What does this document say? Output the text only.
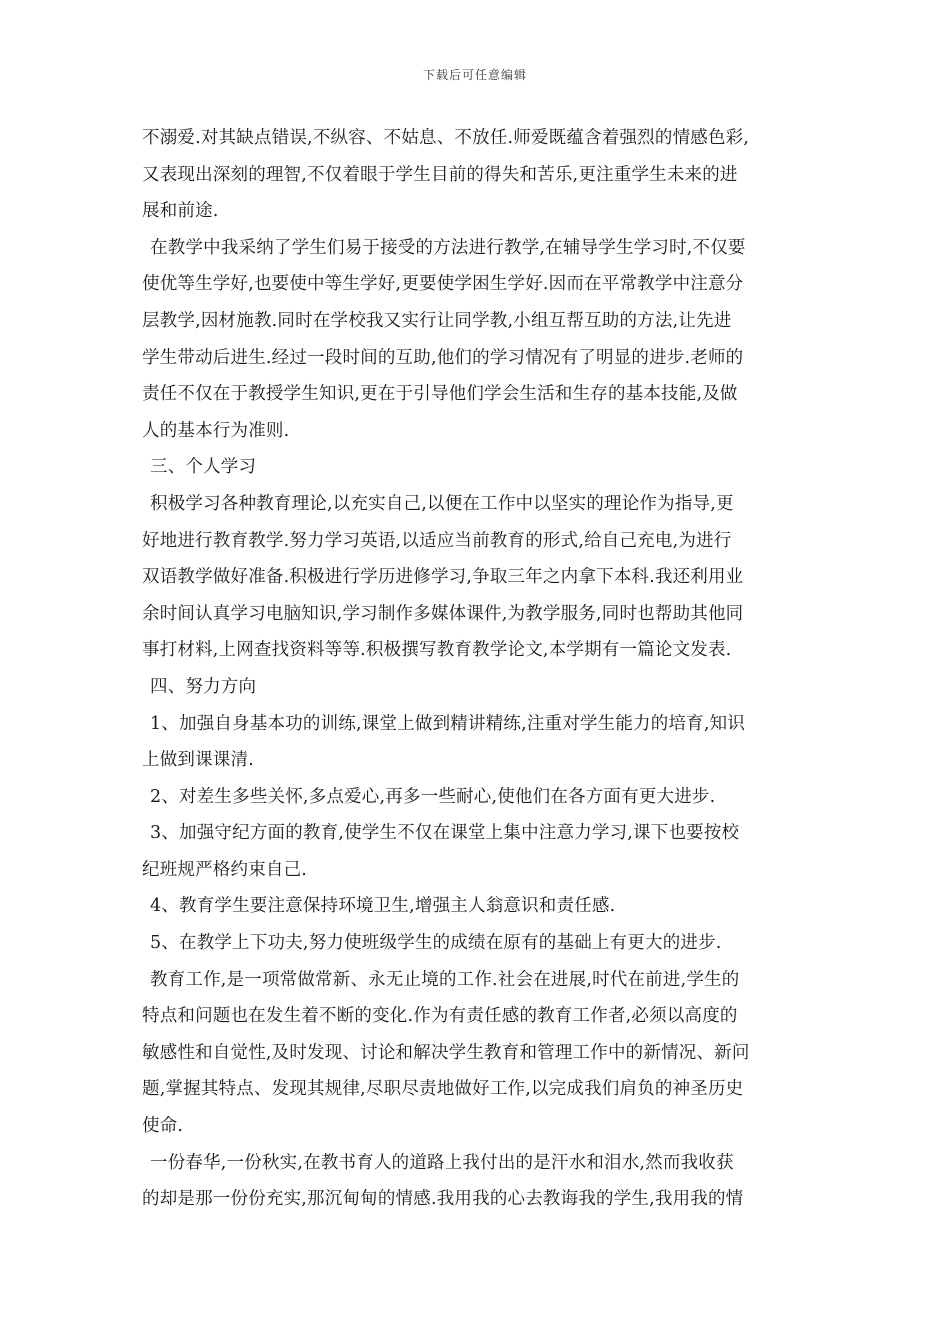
下载后可任意编辑
不溺爱.对其缺点错误,不纵容、不姑息、不放任.师爱既蕴含着强烈的情感色彩,
又表现出深刻的理智,不仅着眼于学生目前的得失和苦乐,更注重学生未来的进
展和前途.
在教学中我采纳了学生们易于接受的方法进行教学,在辅导学生学习时,不仅要
使优等生学好,也要使中等生学好,更要使学困生学好.因而在平常教学中注意分
层教学,因材施教.同时在学校我又实行让同学教,小组互帮互助的方法,让先进
学生带动后进生.经过一段时间的互助,他们的学习情况有了明显的进步.老师的
责任不仅在于教授学生知识,更在于引导他们学会生活和生存的基本技能,及做
人的基本行为准则.
三、个人学习
积极学习各种教育理论,以充实自己,以便在工作中以坚实的理论作为指导,更
好地进行教育教学.努力学习英语,以适应当前教育的形式,给自己充电,为进行
双语教学做好准备.积极进行学历进修学习,争取三年之内拿下本科.我还利用业
余时间认真学习电脑知识,学习制作多媒体课件,为教学服务,同时也帮助其他同
事打材料,上网查找资料等等.积极撰写教育教学论文,本学期有一篇论文发表.
四、努力方向
1、加强自身基本功的训练,课堂上做到精讲精练,注重对学生能力的培育,知识
上做到课课清.
2、对差生多些关怀,多点爱心,再多一些耐心,使他们在各方面有更大进步.
3、加强守纪方面的教育,使学生不仅在课堂上集中注意力学习,课下也要按校
纪班规严格约束自己.
4、教育学生要注意保持环境卫生,增强主人翁意识和责任感.
5、在教学上下功夫,努力使班级学生的成绩在原有的基础上有更大的进步.
教育工作,是一项常做常新、永无止境的工作.社会在进展,时代在前进,学生的
特点和问题也在发生着不断的变化.作为有责任感的教育工作者,必须以高度的
敏感性和自觉性,及时发现、讨论和解决学生教育和管理工作中的新情况、新问
题,掌握其特点、发现其规律,尽职尽责地做好工作,以完成我们肩负的神圣历史
使命.
一份春华,一份秋实,在教书育人的道路上我付出的是汗水和泪水,然而我收获
的却是那一份份充实,那沉甸甸的情感.我用我的心去教诲我的学生,我用我的情
